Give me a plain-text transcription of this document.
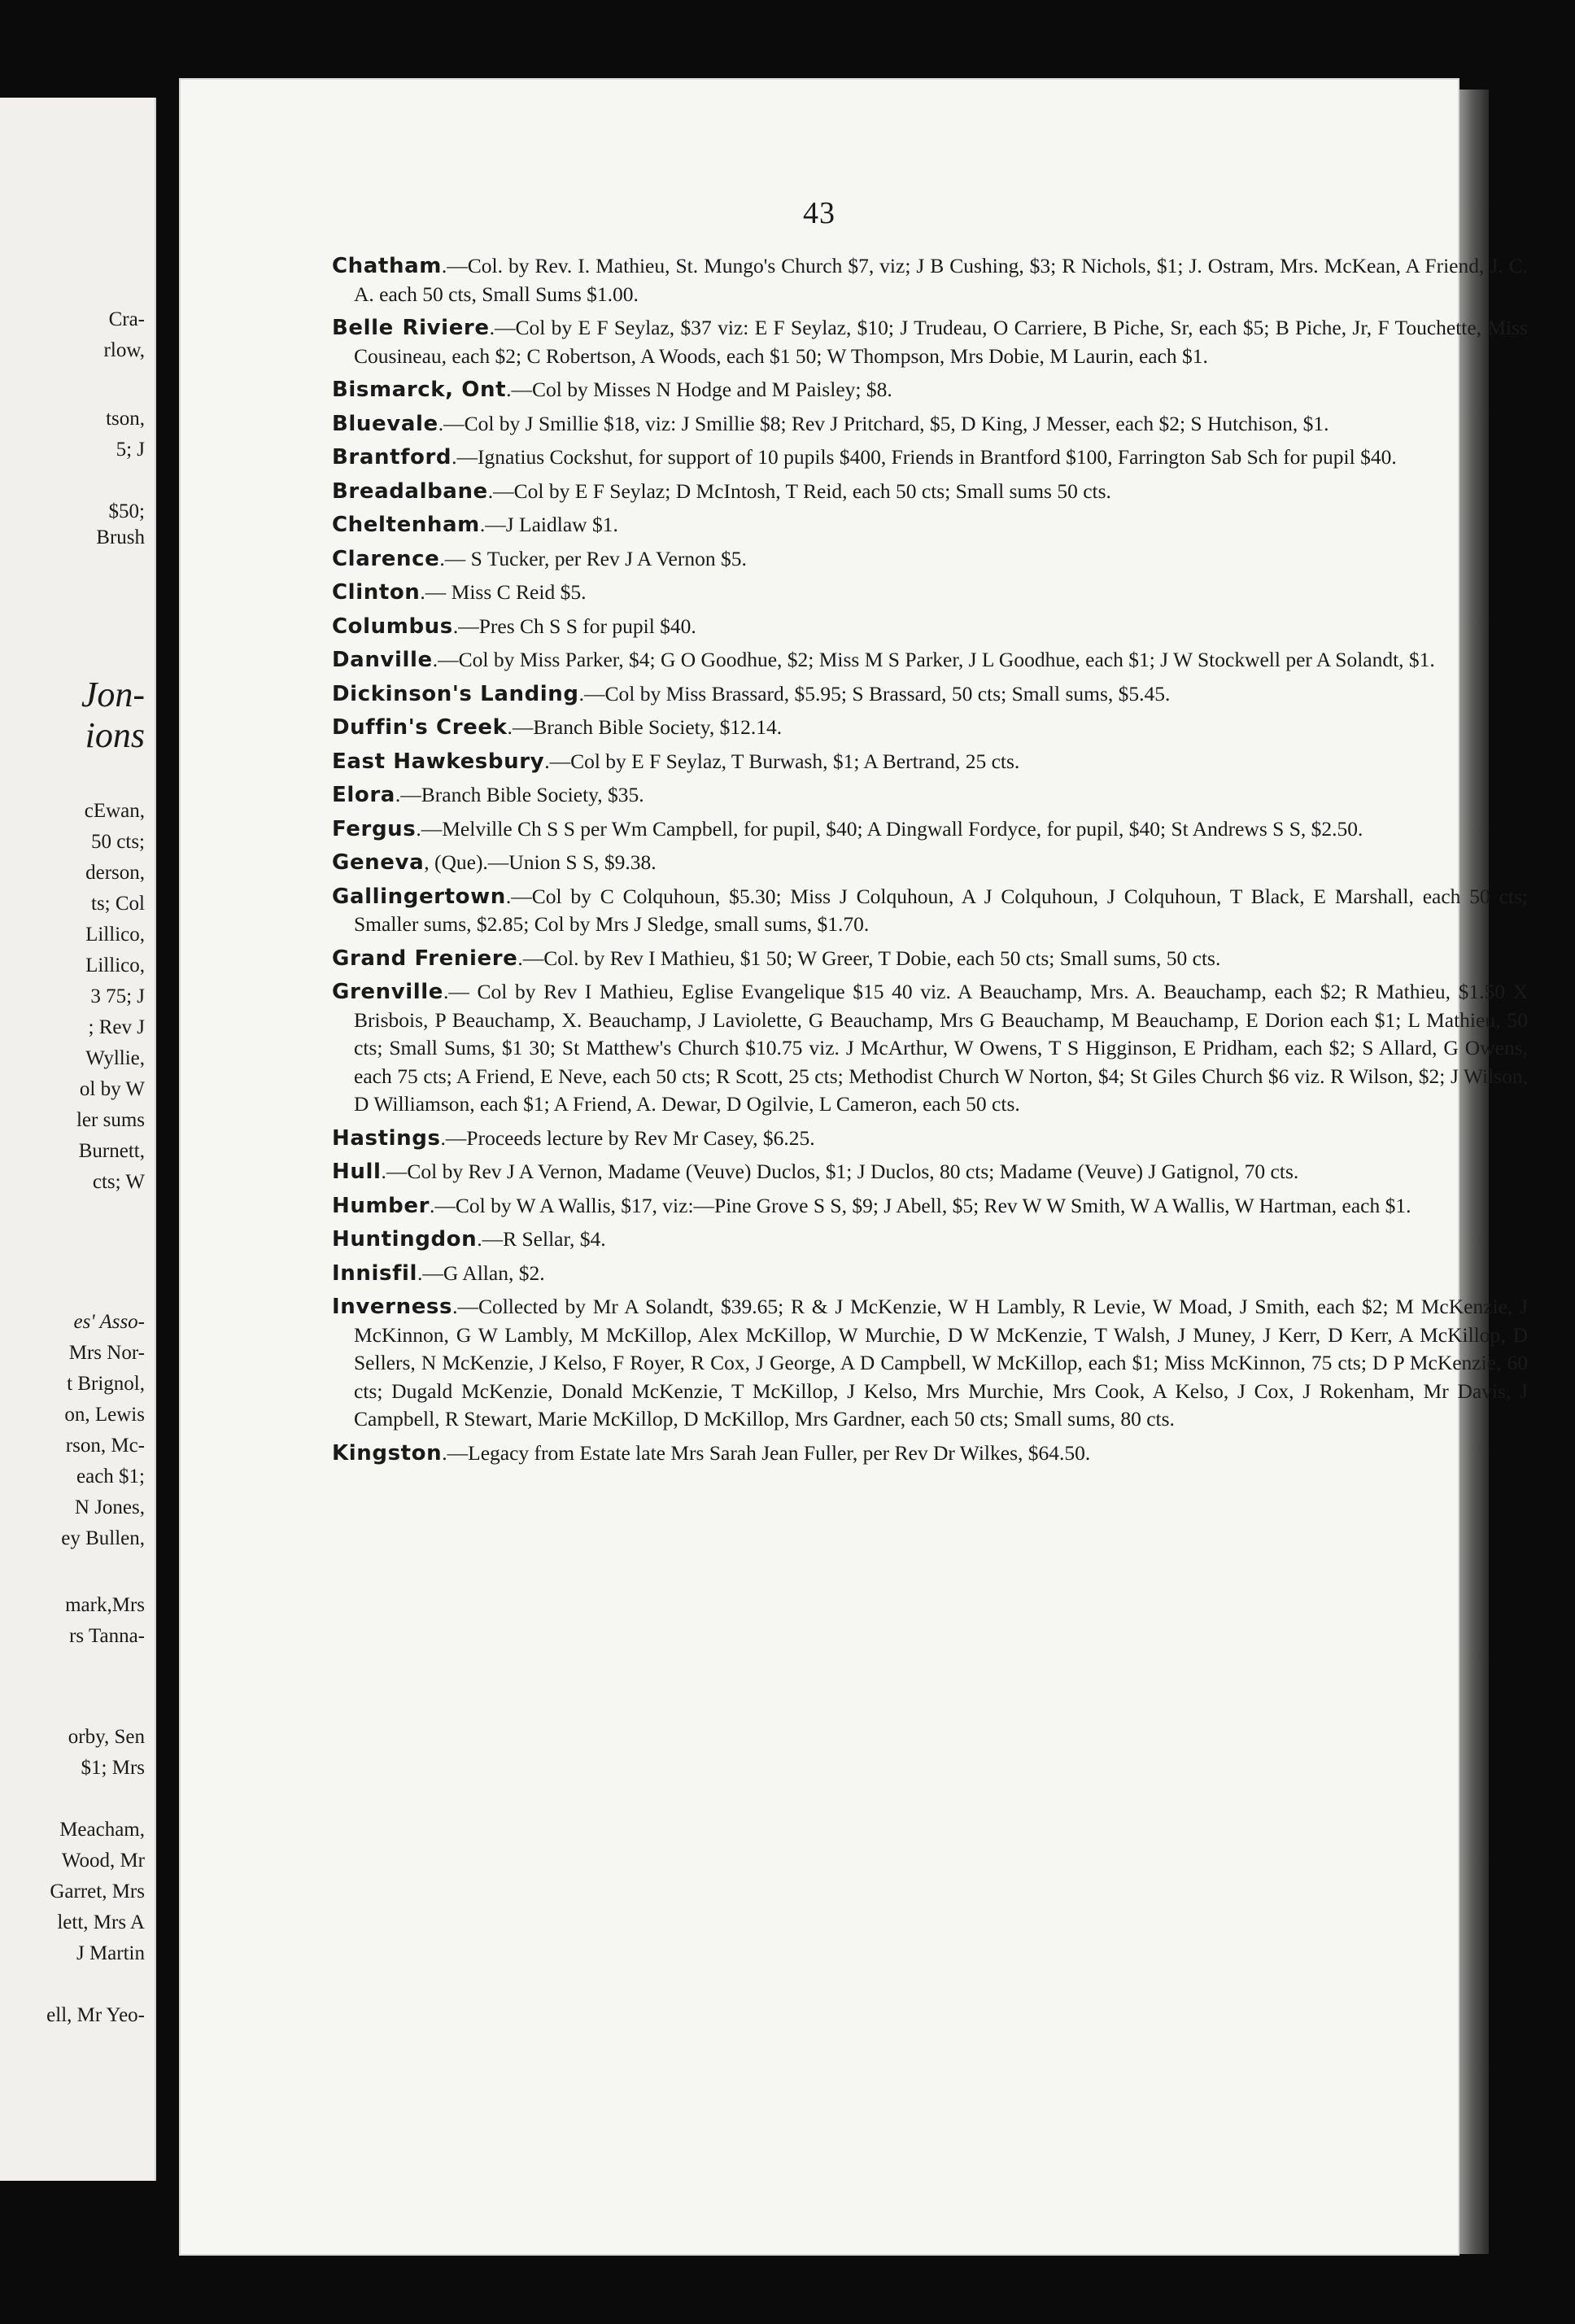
Cra-
rlow,
tson,
5; J
$50;
Brush
Jon-
ions
cEwan,
50 cts;
derson,
ts; Col
Lillico,
Lillico,
3 75; J
; Rev J
Wyllie,
ol by W
ler sums
Burnett,
cts; W
es' Asso-
Mrs Nor-
t Brignol,
on, Lewis
rson, Mc-
each $1;
N Jones,
ey Bullen,
mark,Mrs
rs Tanna-
orby, Sen
$1; Mrs
Meacham,
Wood, Mr
Garret, Mrs
lett, Mrs A
J Martin
ell, Mr Yeo-
43

Chatham.—Col. by Rev. I. Mathieu, St. Mungo's Church $7, viz; J B Cushing, $3; R Nichols, $1; J. Ostram, Mrs. McKean, A Friend, J. C. A. each 50 cts, Small Sums $1.00.

Belle Riviere.—Col by E F Seylaz, $37 viz: E F Seylaz, $10; J Trudeau, O Carriere, B Piche, Sr, each $5; B Piche, Jr, F Touchette, Miss Cousineau, each $2; C Robertson, A Woods, each $1 50; W Thompson, Mrs Dobie, M Laurin, each $1.

Bismarck, Ont.—Col by Misses N Hodge and M Paisley; $8.

Bluevale.—Col by J Smillie $18, viz: J Smillie $8; Rev J Pritchard, $5, D King, J Messer, each $2; S Hutchison, $1.

Brantford.—Ignatius Cockshut, for support of 10 pupils $400, Friends in Brantford $100, Farrington Sab Sch for pupil $40.

Breadalbane.—Col by E F Seylaz; D McIntosh, T Reid, each 50 cts; Small sums 50 cts.

Cheltenham.—J Laidlaw $1.

Clarence.— S Tucker, per Rev J A Vernon $5.

Clinton.— Miss C Reid $5.

Columbus.—Pres Ch S S for pupil $40.

Danville.—Col by Miss Parker, $4; G O Goodhue, $2; Miss M S Parker, J L Goodhue, each $1; J W Stockwell per A Solandt, $1.

Dickinson's Landing.—Col by Miss Brassard, $5.95; S Brassard, 50 cts; Small sums, $5.45.

Duffin's Creek.—Branch Bible Society, $12.14.

East Hawkesbury.—Col by E F Seylaz, T Burwash, $1; A Bertrand, 25 cts.

Elora.—Branch Bible Society, $35.

Fergus.—Melville Ch S S per Wm Campbell, for pupil, $40; A Dingwall Fordyce, for pupil, $40; St Andrews S S, $2.50.

Geneva, (Que).—Union S S, $9.38.

Gallingertown.—Col by C Colquhoun, $5.30; Miss J Colquhoun, A J Colquhoun, J Colquhoun, T Black, E Marshall, each 50 cts; Smaller sums, $2.85; Col by Mrs J Sledge, small sums, $1.70.

Grand Freniere.—Col. by Rev I Mathieu, $1 50; W Greer, T Dobie, each 50 cts; Small sums, 50 cts.

Grenville.— Col by Rev I Mathieu, Eglise Evangelique $15 40 viz. A Beauchamp, Mrs. A. Beauchamp, each $2; R Mathieu, $1.50 X Brisbois, P Beauchamp, X. Beauchamp, J Laviolette, G Beauchamp, Mrs G Beauchamp, M Beauchamp, E Dorion each $1; L Mathieu, 50 cts; Small Sums, $1 30; St Matthew's Church $10.75 viz. J McArthur, W Owens, T S Higginson, E Pridham, each $2; S Allard, G Owens, each 75 cts; A Friend, E Neve, each 50 cts; R Scott, 25 cts; Methodist Church W Norton, $4; St Giles Church $6 viz. R Wilson, $2; J Wilson, D Williamson, each $1; A Friend, A. Dewar, D Ogilvie, L Cameron, each 50 cts.

Hastings.—Proceeds lecture by Rev Mr Casey, $6.25.

Hull.—Col by Rev J A Vernon, Madame (Veuve) Duclos, $1; J Duclos, 80 cts; Madame (Veuve) J Gatignol, 70 cts.

Humber.—Col by W A Wallis, $17, viz:—Pine Grove S S, $9; J Abell, $5; Rev W W Smith, W A Wallis, W Hartman, each $1.

Huntingdon.—R Sellar, $4.

Innisfil.—G Allan, $2.

Inverness.—Collected by Mr A Solandt, $39.65; R & J McKenzie, W H Lambly, R Levie, W Moad, J Smith, each $2; M McKenzie, J McKinnon, G W Lambly, M McKillop, Alex McKillop, W Murchie, D W McKenzie, T Walsh, J Muney, J Kerr, D Kerr, A McKillop, D Sellers, N McKenzie, J Kelso, F Royer, R Cox, J George, A D Campbell, W McKillop, each $1; Miss McKinnon, 75 cts; D P McKenzie, 60 cts; Dugald McKenzie, Donald McKenzie, T McKillop, J Kelso, Mrs Murchie, Mrs Cook, A Kelso, J Cox, J Rokenham, Mr Davis, J Campbell, R Stewart, Marie McKillop, D McKillop, Mrs Gardner, each 50 cts; Small sums, 80 cts.

Kingston.—Legacy from Estate late Mrs Sarah Jean Fuller, per Rev Dr Wilkes, $64.50.
